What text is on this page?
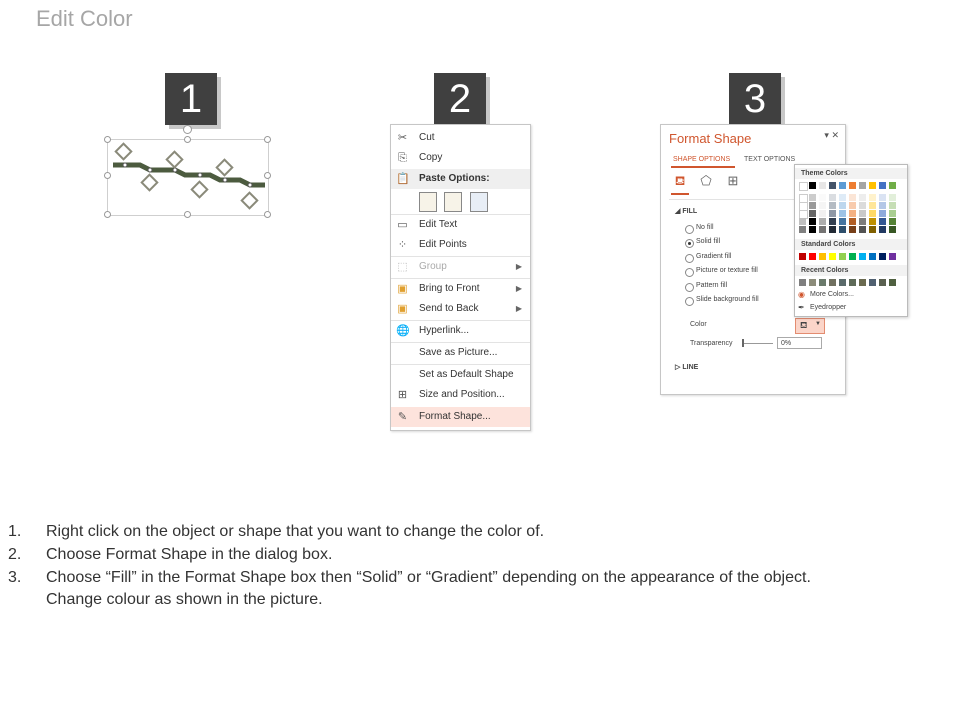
Edit Color
1	2	3
✂ Cut
⎘ Copy
📋 Paste Options:
▭ Edit Text
⁘ Edit Points
⬚ Group	▶
▣ Bring to Front	▶
▣ Send to Back	▶
🌐 Hyperlink...
Save as Picture...
Set as Default Shape
⊞ Size and Position...
✎ Format Shape...
Format Shape	▾ ✕
SHAPE OPTIONS TEXT OPTIONS
⛾ ⬠ ⊞
◢ FILL
No fill
Solid fill
Gradient fill
Picture or texture fill
Pattern fill
Slide background fill
Color	⛾ ▼
Transparency	0%
▷ LINE
Theme Colors
Standard Colors
Recent Colors
◉ More Colors...
✒ Eyedropper
1. Right click on the object or shape that you want to change the color of.
2. Choose Format Shape in the dialog box.
3. Choose “Fill” in the Format Shape box then “Solid” or “Gradient” depending on the appearance of the object.
Change colour as shown in the picture.
